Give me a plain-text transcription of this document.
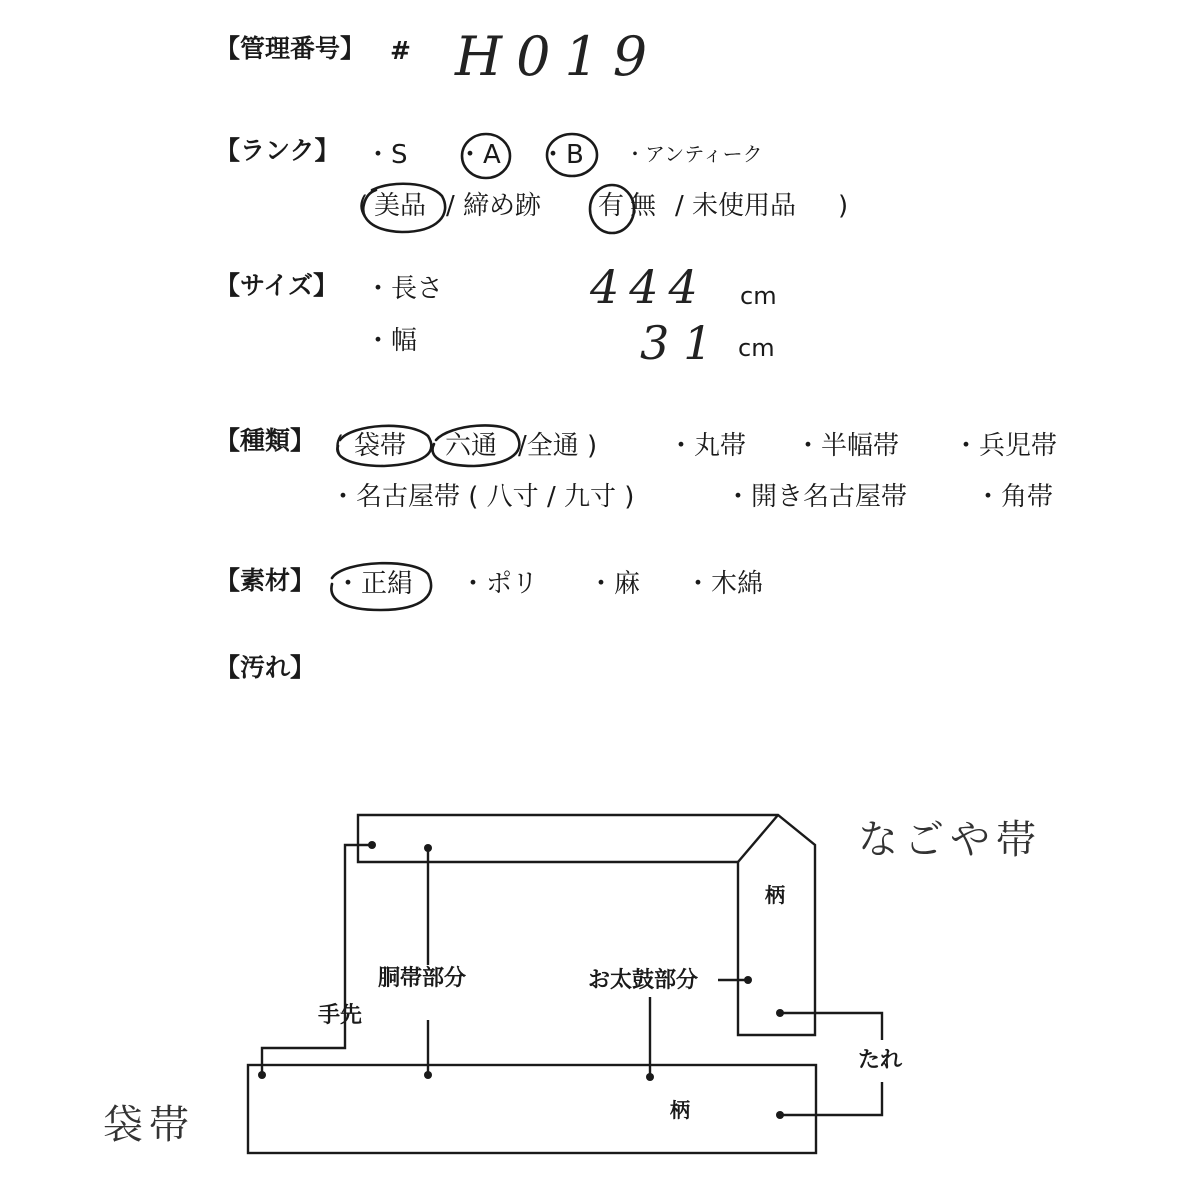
【管理番号】 # H019
【ランク】 ・S ・A ・B ・アンティーク
( 美品 / 締め跡 有 無 / 未使用品 )
【サイズ】 ・長さ	444 cm
・幅	31 cm
【種類】 ( 袋帯 六通 /全通 )	・丸帯 ・半幅帯 ・兵児帯
・名古屋帯 ( 八寸 / 九寸 )	・開き名古屋帯	・角帯
【素材】 ・正絹 ・ポリ ・麻 ・木綿
【汚れ】
柄
柄
手先
胴帯部分	お太鼓部分
たれ
なごや帯
袋帯
